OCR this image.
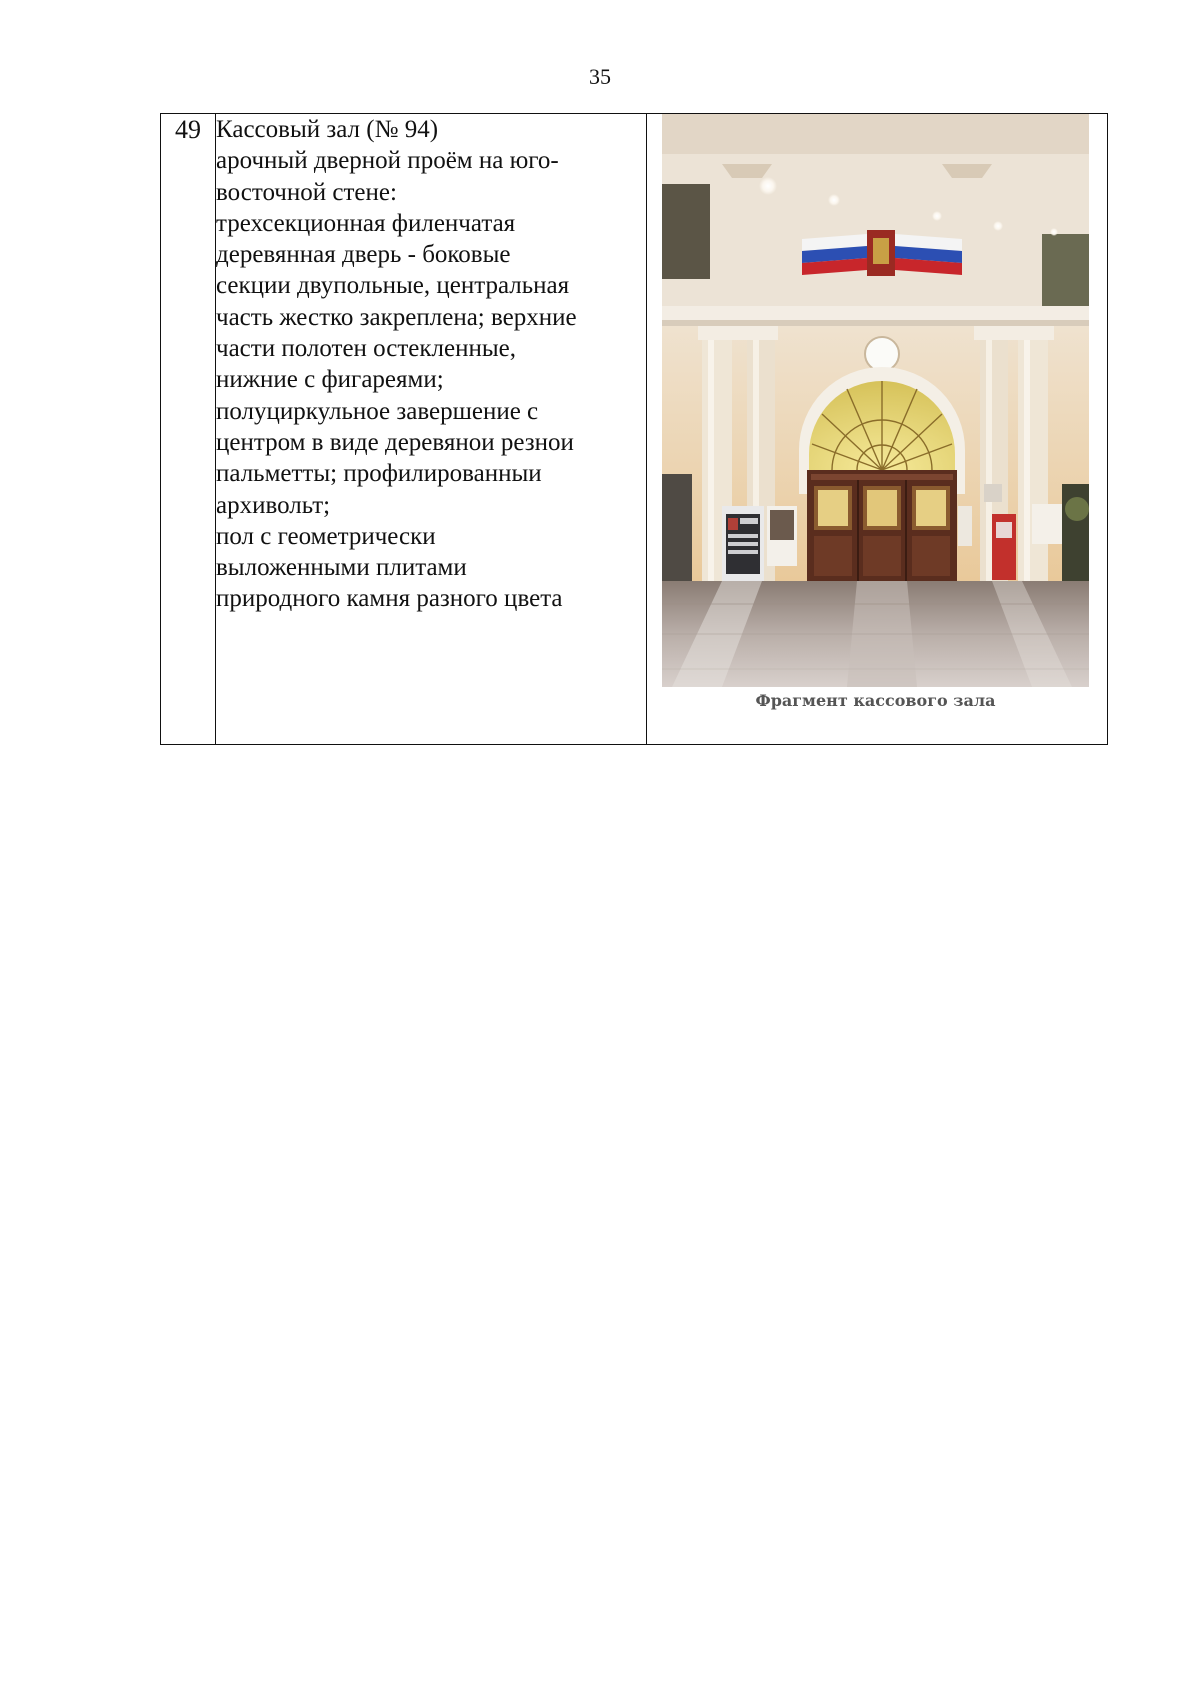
35
49	Кассовый зал (№ 94)
арочный дверной проём на юго-
восточной стене:
трехсекционная филенчатая
деревянная дверь - боковые
секции двупольные, центральная
часть жестко закреплена; верхние
части полотен остекленные,
нижние с фигареями;
полуциркульное завершение с
центром в виде деревянои резнои
пальметты; профилированныи
архивольт;
пол с геометрически
выложенными плитами
природного камня разного цвета

Фрагмент кассового зала
